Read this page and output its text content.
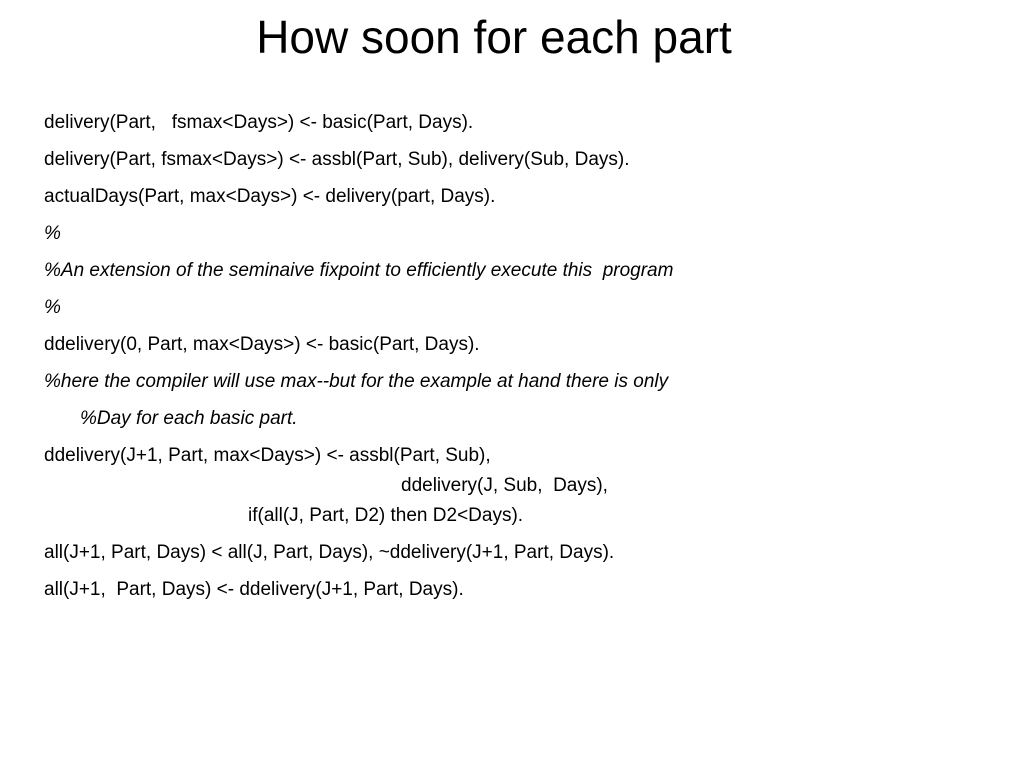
How soon for each part
delivery(Part,   fsmax<Days>) <- basic(Part, Days).
delivery(Part, fsmax<Days>) <- assbl(Part, Sub), delivery(Sub, Days).
actualDays(Part, max<Days>) <- delivery(part, Days).
%
%An extension of the seminaive fixpoint to efficiently execute this  program
%
ddelivery(0, Part, max<Days>) <- basic(Part, Days).
%here the compiler will use max--but for the example at hand there is only
%Day for each basic part.
ddelivery(J+1, Part, max<Days>) <- assbl(Part, Sub),
ddelivery(J, Sub,  Days),
if(all(J, Part, D2) then D2<Days).
all(J+1, Part, Days) < all(J, Part, Days), ~ddelivery(J+1, Part, Days).
all(J+1,  Part, Days) <- ddelivery(J+1, Part, Days).
